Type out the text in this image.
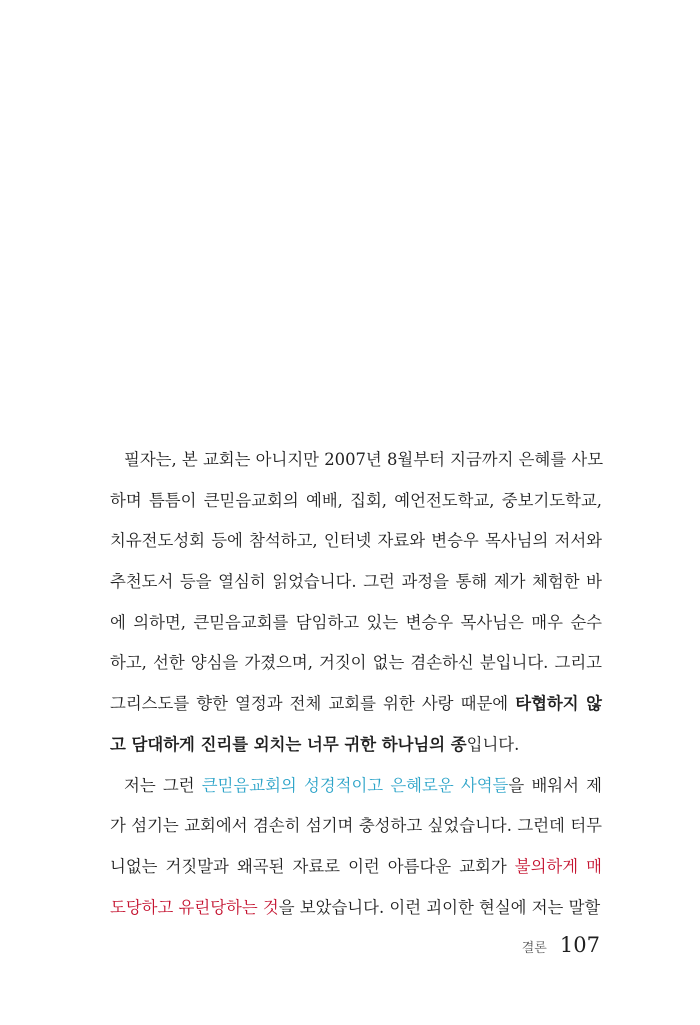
필자는, 본 교회는 아니지만 2007년 8월부터 지금까지 은혜를 사모
하며 틈틈이 큰믿음교회의 예배, 집회, 예언전도학교, 중보기도학교,
치유전도성회 등에 참석하고, 인터넷 자료와 변승우 목사님의 저서와
추천도서 등을 열심히 읽었습니다. 그런 과정을 통해 제가 체험한 바
에 의하면, 큰믿음교회를 담임하고 있는 변승우 목사님은 매우 순수
하고, 선한 양심을 가졌으며, 거짓이 없는 겸손하신 분입니다. 그리고
그리스도를 향한 열정과 전체 교회를 위한 사랑 때문에 타협하지 않
고 담대하게 진리를 외치는 너무 귀한 하나님의 종입니다.
저는 그런 큰믿음교회의 성경적이고 은혜로운 사역들을 배워서 제
가 섬기는 교회에서 겸손히 섬기며 충성하고 싶었습니다. 그런데 터무
니없는 거짓말과 왜곡된 자료로 이런 아름다운 교회가 불의하게 매
도당하고 유린당하는 것을 보았습니다. 이런 괴이한 현실에 저는 말할
결론 107
